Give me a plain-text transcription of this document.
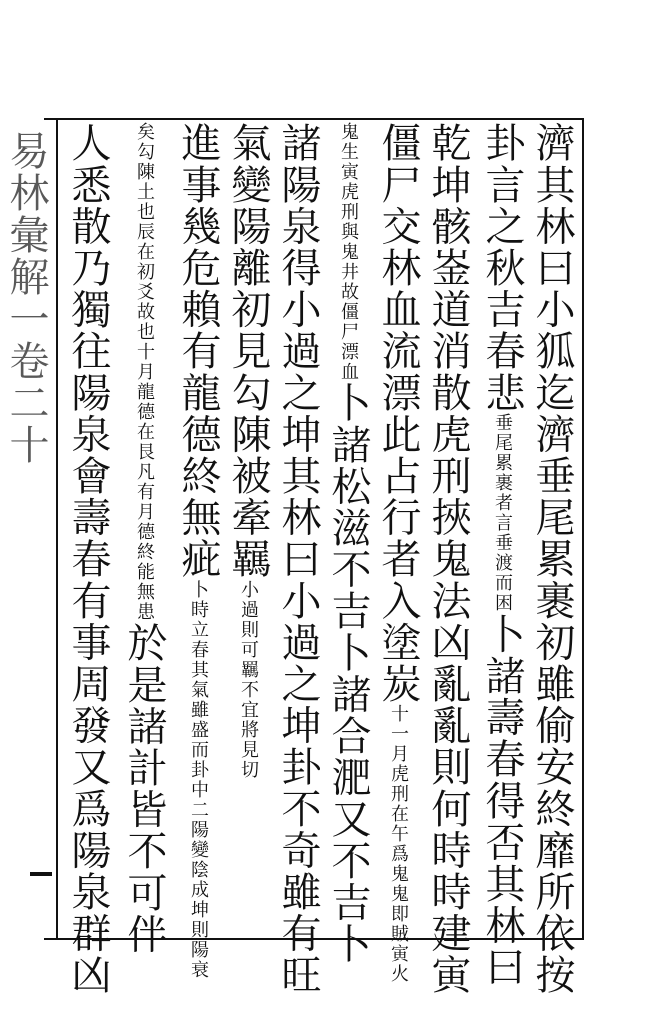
易林彙解一卷二十	濟其林曰小狐迄濟垂尾累裹初雖偷安終靡所依按
卦言之秋吉春悲垂尾累裹者言垂渡而困卜諸壽春得否其林曰
乾坤骸崟道消散虎刑挾鬼法凶亂亂則何時時建寅
僵尸交林血流漂此占行者入塗炭十一月虎刑在午爲鬼鬼即賊寅火
鬼生寅虎刑與鬼井故僵尸漂血卜諸松滋不吉卜諸合淝又不吉卜
諸陽泉得小過之坤其林曰小過之坤卦不奇雖有旺
氣變陽離初見勾陳被牽羈小過則可羈不宜將見切
進事幾危賴有龍德終無疵卜時立春其氣雖盛而卦中二陽變陰成坤則陽衰
矣勾陳土也辰在初爻故也十月龍德在艮凡有月德終能無患於是諸計皆不可伴
人悉散乃獨往陽泉會壽春有事周發又爲陽泉群凶
